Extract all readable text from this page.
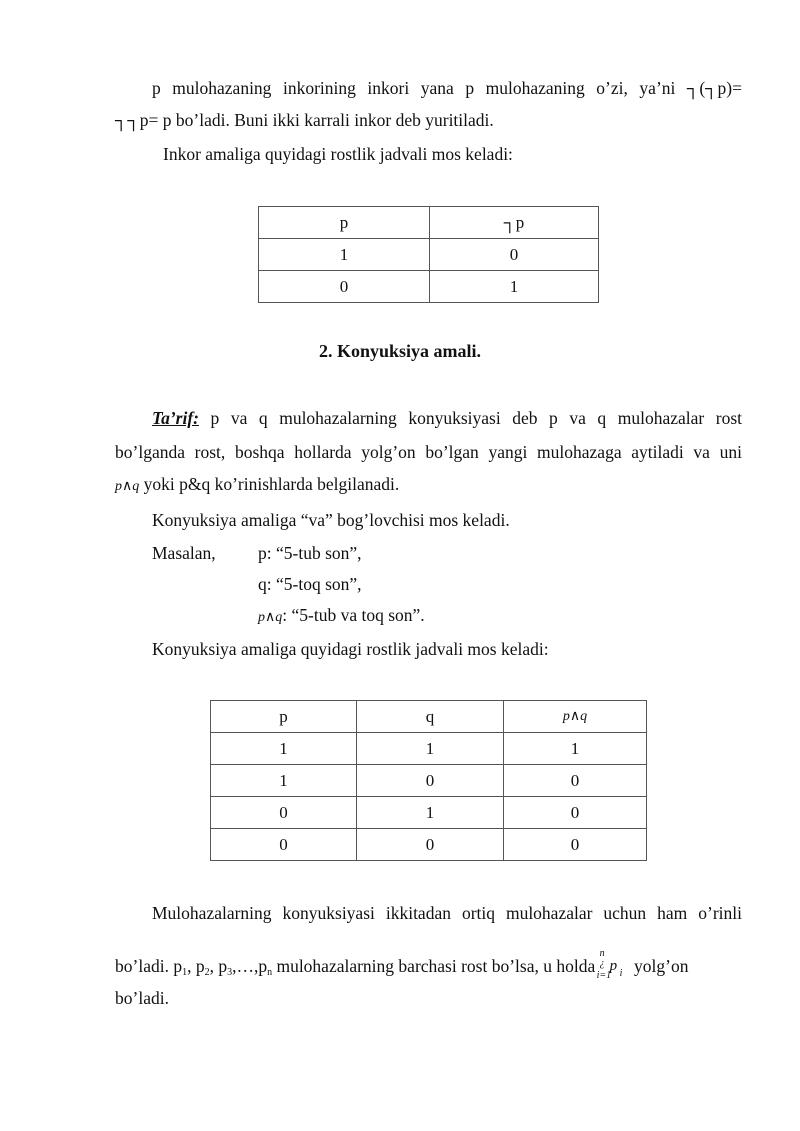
p mulohazaning inkorining inkori yana p mulohazaning o’zi, ya’ni ┐(┐p)=
┐┐p= p bo’ladi. Buni ikki karrali inkor deb yuritiladi.
Inkor amaliga quyidagi rostlik jadvali mos keladi:
p	┐p
1	0
0	1
2. Konyuksiya amali.
Ta’rif: p va q mulohazalarning konyuksiyasi deb p va q mulohazalar rost
bo’lganda rost, boshqa hollarda yolg’on bo’lgan yangi mulohazaga aytiladi va uni
p∧q yoki p&q ko’rinishlarda belgilanadi.
Konyuksiya amaliga “va” bog’lovchisi mos keladi.
Masalan,	p: “5-tub son”,
q: “5-toq son”,
p∧q: “5-tub va toq son”.
Konyuksiya amaliga quyidagi rostlik jadvali mos keladi:
p	q	p∧q
1	1	1
1	0	0
0	1	0
0	0	0
Mulohazalarning konyuksiyasi ikkitadan ortiq mulohazalar uchun ham o’rinli
bo’ladi. $p_1$, $p_2$, $p_3,\dots,p_n$ mulohazalarning barchasi rost bo’lsa, u holda
n
¿
i=1
p i yolg’on
bo’ladi.
